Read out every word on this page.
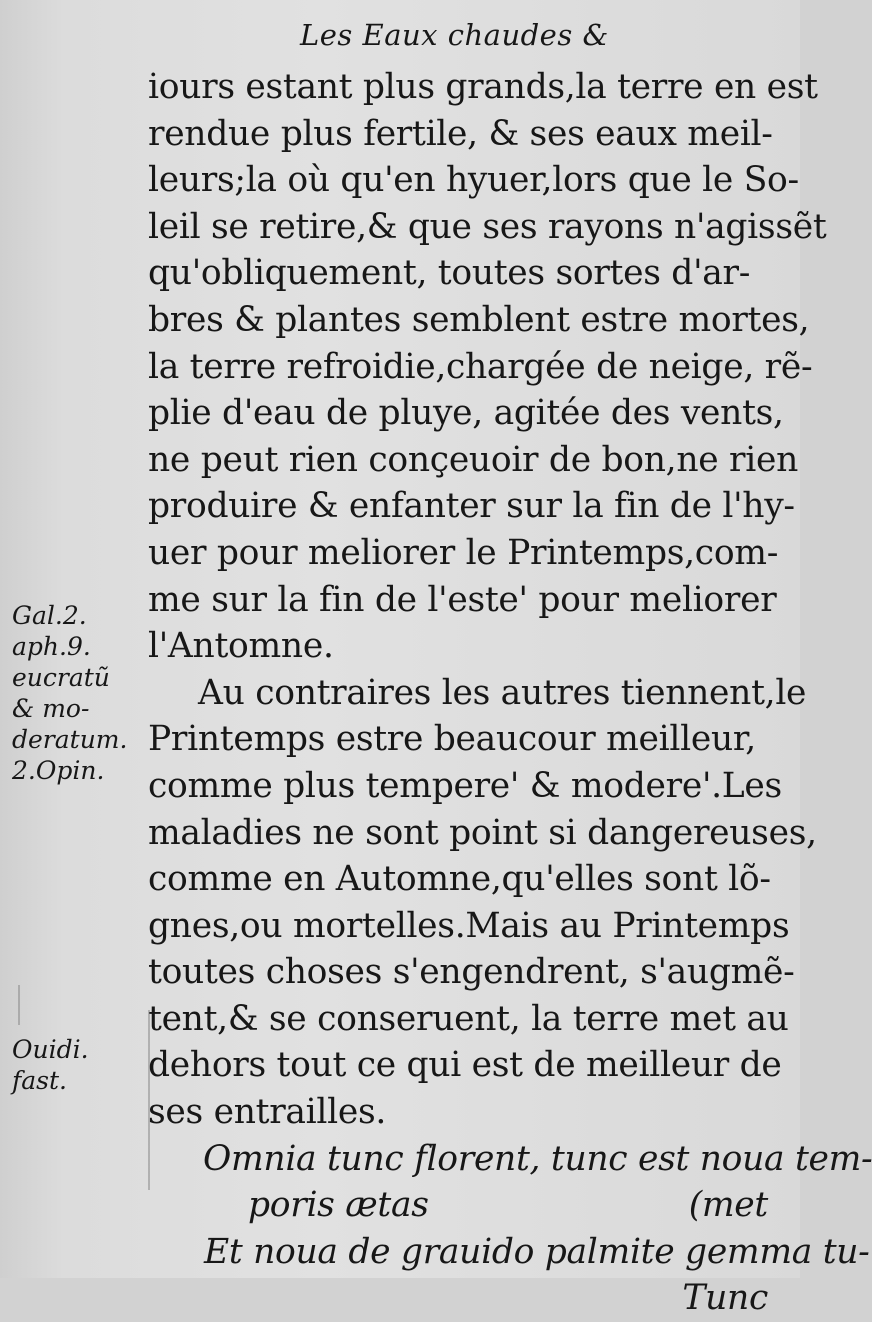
Les Eaux chaudes &
iours estant plus grands,la terre en est
rendue plus fertile, & ses eaux meil-
leurs;la où qu'en hyuer,lors que le So-
leil se retire,& que ses rayons n'agissẽt
qu'obliquement, toutes sortes d'ar-
bres & plantes semblent estre mortes,
la terre refroidie,chargée de neige, rẽ-
plie d'eau de pluye, agitée des vents,
ne peut rien conçeuoir de bon,ne rien
produire & enfanter sur la fin de l'hy-
uer pour meliorer le Printemps,com-
me sur la fin de l'este' pour meliorer
l'Antomne.
Au contraires les autres tiennent,le
Printemps estre beaucour meilleur,
comme plus tempere' & modere'.Les
maladies ne sont point si dangereuses,
comme en Automne,qu'elles sont lõ-
gnes,ou mortelles.Mais au Printemps
toutes choses s'engendrent, s'augmẽ-
tent,& se conseruent, la terre met au
dehors tout ce qui est de meilleur de
ses entrailles.
Omnia tunc florent, tunc est noua tem-
poris ætas	(met
Et noua de grauido palmite gemma tu-
Tunc
Gal.2.
aph.9.
eucratũ
& mo-
deratum.
2.Opin.
Ouidi.
fast.
